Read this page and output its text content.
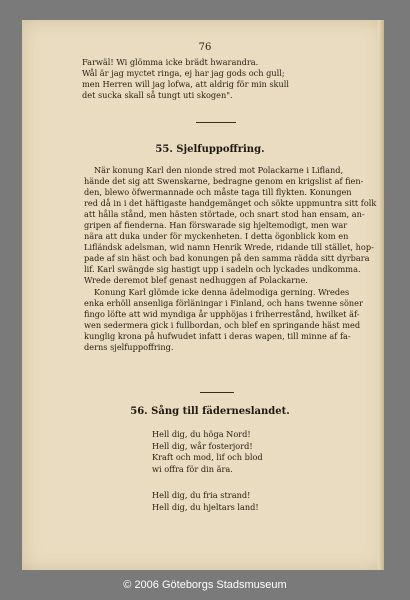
76
Farwäl! Wi glömma icke brädt hwarandra.
Wål är jag myctet ringa, ej har jag gods och gull;
men Herren will jag lofwa, att aldrig för min skull
det sucka skall så tungt uti skogen".
55. Sjelfuppoffring.
När konung Karl den nionde stred mot Polackarne i Lifland,
hände det sig att Swenskarne, bedragne genom en krigslist af fien-
den, blewo öfwermannade och måste taga till flykten. Konungen
red då in i det häftigaste handgemänget och sökte uppmuntra sitt folk
att hålla stånd, men hästen störtade, och snart stod han ensam, an-
gripen af fienderna. Han förswarade sig hjeltemodigt, men war
nära att duka under för myckenheten. I detta ögonblick kom en
Lifländsk adelsman, wid namn Henrik Wrede, ridande till stället, hop-
pade af sin häst och bad konungen på den samma rädda sitt dyrbara
lif. Karl swängde sig hastigt upp i sadeln och lyckades undkomma.
Wrede deremot blef genast nedhuggen af Polackarne.
Konung Karl glömde icke denna ädelmodiga gerning. Wredes
enka erhöll ansenliga förläningar i Finland, och hans twenne söner
fingo löfte att wid myndiga år upphöjas i friherrestånd, hwilket äf-
wen sedermera gick i fullbordan, och blef en springande häst med
kunglig krona på hufwudet infatt i deras wapen, till minne af fa-
derns sjelfuppoffring.
56. Sång till fäderneslandet.
Hell dig, du höga Nord!
Hell dig, wår fosterjord!
Kraft och mod, lif och blod
wi offra för din ära.
Hell dig, du fria strand!
Hell dig, du hjeltars land!
© 2006 Göteborgs Stadsmuseum
